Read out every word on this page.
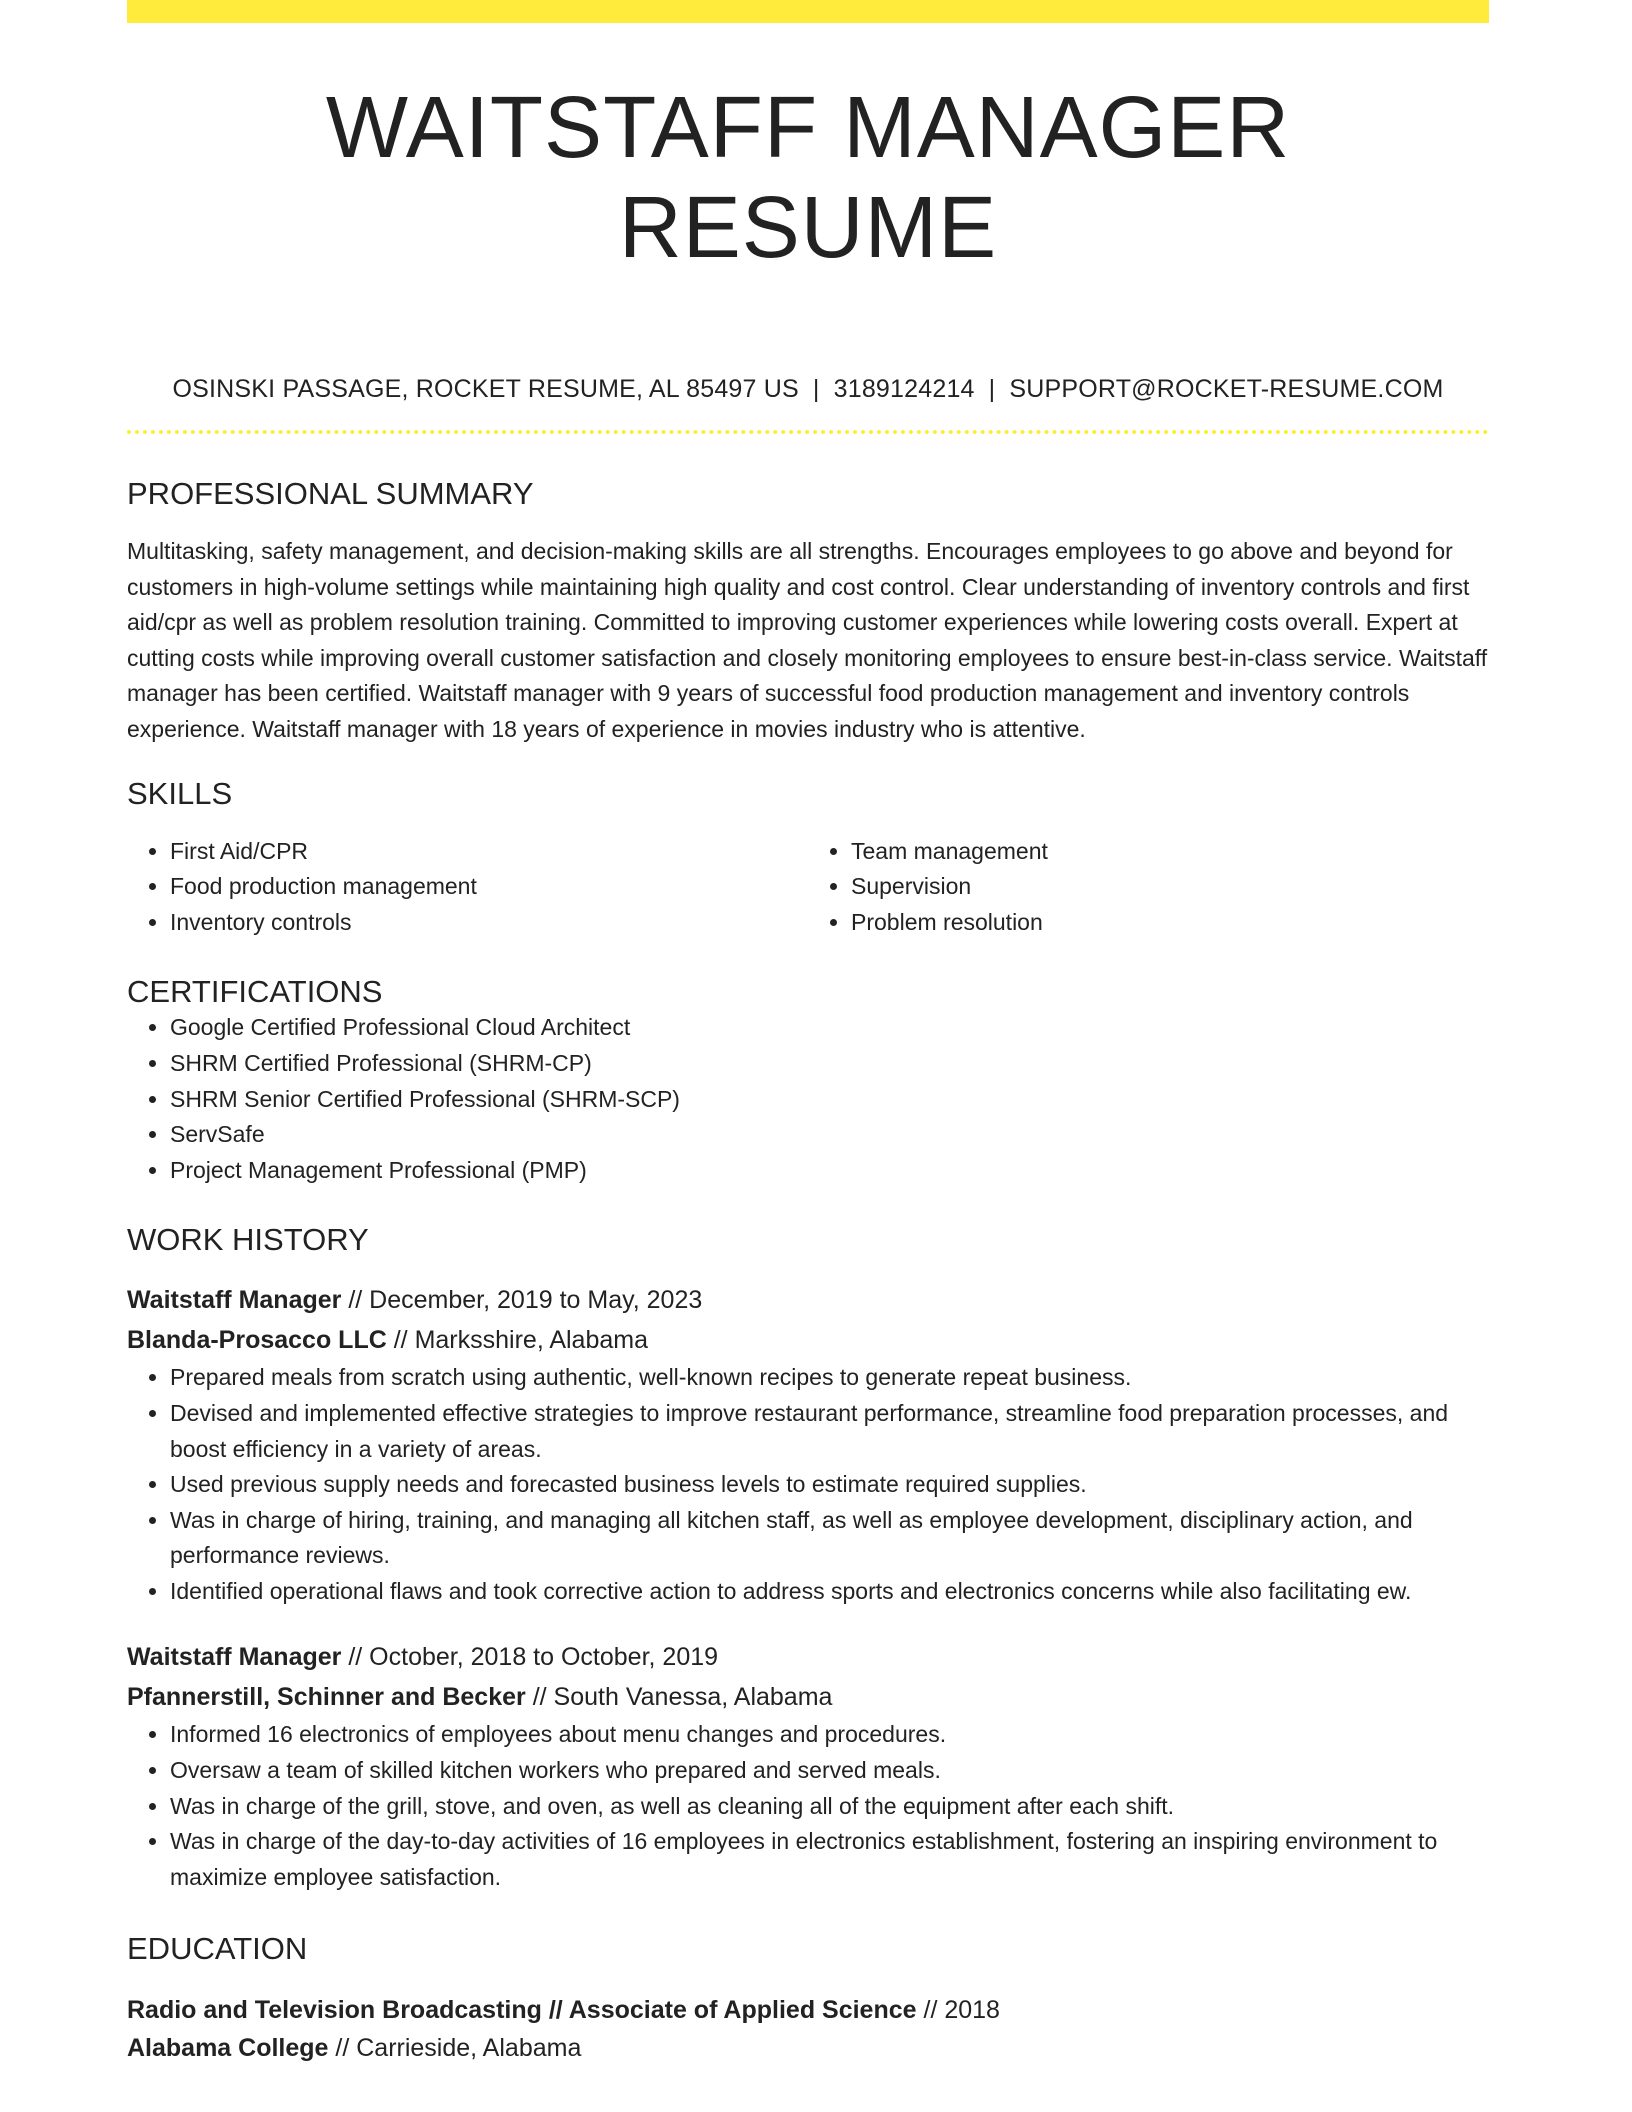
WAITSTAFF MANAGER RESUME
OSINSKI PASSAGE, ROCKET RESUME, AL 85497 US | 3189124214 | SUPPORT@ROCKET-RESUME.COM
PROFESSIONAL SUMMARY

Multitasking, safety management, and decision-making skills are all strengths. Encourages employees to go above and beyond for customers in high-volume settings while maintaining high quality and cost control. Clear understanding of inventory controls and first aid/cpr as well as problem resolution training. Committed to improving customer experiences while lowering costs overall. Expert at cutting costs while improving overall customer satisfaction and closely monitoring employees to ensure best-in-class service. Waitstaff manager has been certified. Waitstaff manager with 9 years of successful food production management and inventory controls experience. Waitstaff manager with 18 years of experience in movies industry who is attentive.

SKILLS
• First Aid/CPR
• Food production management
• Inventory controls
• Team management
• Supervision
• Problem resolution
CERTIFICATIONS
• Google Certified Professional Cloud Architect
• SHRM Certified Professional (SHRM-CP)
• SHRM Senior Certified Professional (SHRM-SCP)
• ServSafe
• Project Management Professional (PMP)
WORK HISTORY
Waitstaff Manager // December, 2019 to May, 2023
Blanda-Prosacco LLC // Marksshire, Alabama
• Prepared meals from scratch using authentic, well-known recipes to generate repeat business.
• Devised and implemented effective strategies to improve restaurant performance, streamline food preparation processes, and boost efficiency in a variety of areas.
• Used previous supply needs and forecasted business levels to estimate required supplies.
• Was in charge of hiring, training, and managing all kitchen staff, as well as employee development, disciplinary action, and performance reviews.
• Identified operational flaws and took corrective action to address sports and electronics concerns while also facilitating ew.
Waitstaff Manager // October, 2018 to October, 2019
Pfannerstill, Schinner and Becker // South Vanessa, Alabama
• Informed 16 electronics of employees about menu changes and procedures.
• Oversaw a team of skilled kitchen workers who prepared and served meals.
• Was in charge of the grill, stove, and oven, as well as cleaning all of the equipment after each shift.
• Was in charge of the day-to-day activities of 16 employees in electronics establishment, fostering an inspiring environment to maximize employee satisfaction.
EDUCATION
Radio and Television Broadcasting // Associate of Applied Science // 2018
Alabama College // Carrieside, Alabama
